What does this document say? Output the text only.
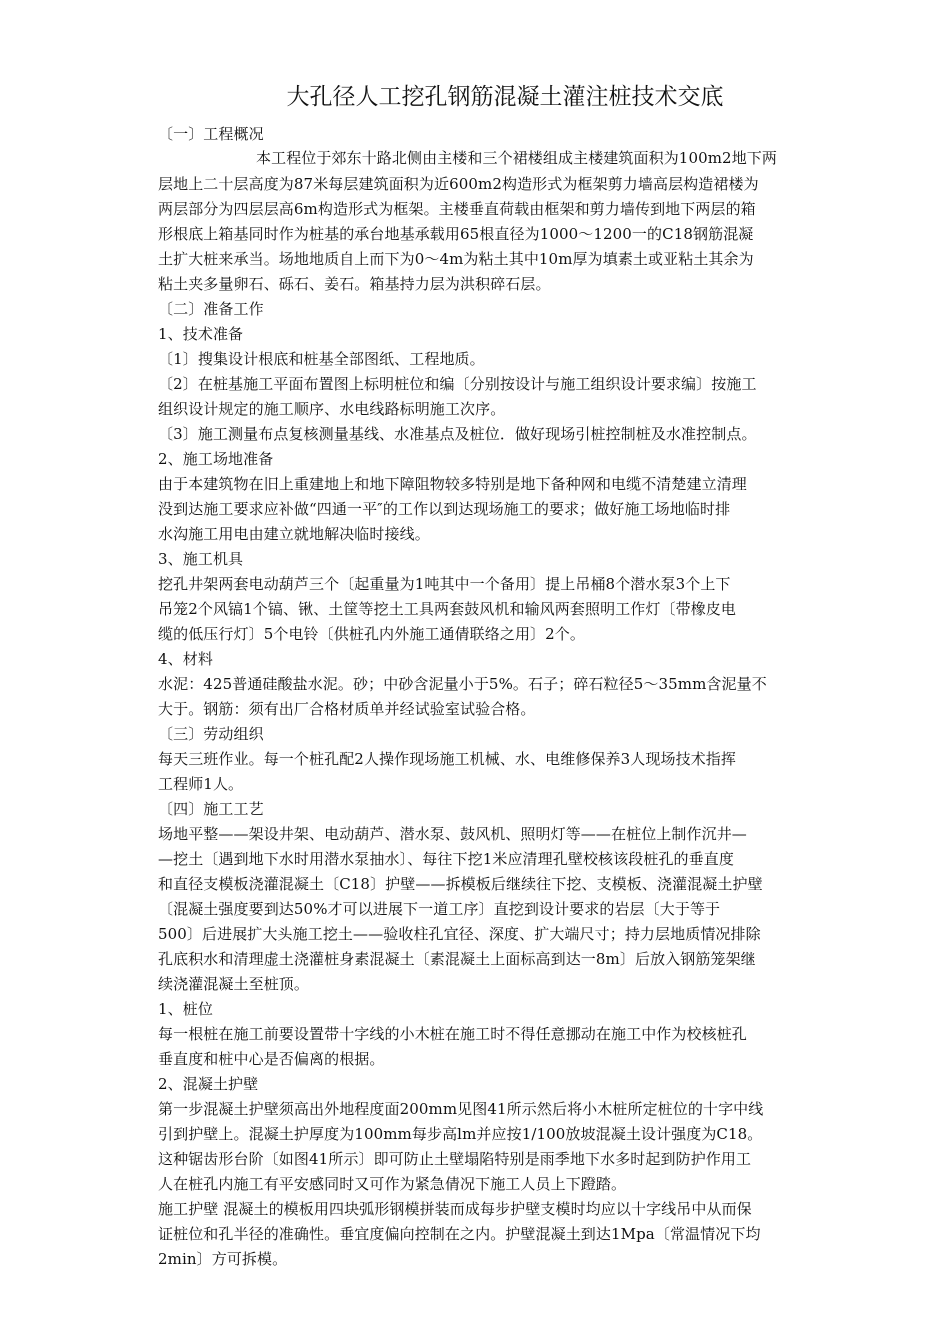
大孔径人工挖孔钢筋混凝土灌注桩技术交底
〔一〕工程概况
本工程位于郊东十路北侧由主楼和三个裙楼组成主楼建筑面积为100m2地下两
层地上二十层高度为87米每层建筑面积为近600m2构造形式为框架剪力墙高层构造裙楼为
两层部分为四层层高6m构造形式为框架。主楼垂直荷载由框架和剪力墙传到地下两层的箱
形根底上箱基同时作为桩基的承台地基承载用65根直径为1000～1200一的C18钢筋混凝
土扩大桩来承当。场地地质自上而下为0～4m为粘土其中10m厚为填素土或亚粘土其余为
粘土夹多量卵石、砾石、姜石。箱基持力层为洪积碎石层。
〔二〕准备工作
1、技术准备
〔1〕搜集设计根底和桩基全部图纸、工程地质。
〔2〕在桩基施工平面布置图上标明桩位和编〔分别按设计与施工组织设计要求编〕按施工
组织设计规定的施工顺序、水电线路标明施工次序。
〔3〕施工测量布点复核测量基线、水准基点及桩位．做好现场引桩控制桩及水准控制点。
2、施工场地准备
由于本建筑物在旧上重建地上和地下障阻物较多特别是地下备种网和电缆不清楚建立清理
没到达施工要求应补做“四通一平″的工作以到达现场施工的要求；做好施工场地临时排
水沟施工用电由建立就地解决临时接线。
3、施工机具
挖孔井架两套电动葫芦三个〔起重量为1吨其中一个备用〕提上吊桶8个潜水泵3个上下
吊笼2个风镐1个镐、锹、土筐等挖土工具两套鼓风机和输风两套照明工作灯〔带橡皮电
缆的低压行灯〕5个电铃〔供桩孔内外施工通倩联络之用〕2个。
4、材料
水泥：425普通硅酸盐水泥。砂；中砂含泥量小于5%。石子；碎石粒径5～35mm含泥量不
大于。钢筋：须有出厂合格材质单并经试验室试验合格。
〔三〕劳动组织
每天三班作业。每一个桩孔配2人操作现场施工机械、水、电维修保养3人现场技术指挥
工程师1人。
〔四〕施工工艺
场地平整——架设井架、电动葫芦、潜水泵、鼓风机、照明灯等——在桩位上制作沉井—
—挖土〔遇到地下水时用潜水泵抽水〕、每往下挖1米应清理孔壁校核该段桩孔的垂直度
和直径支模板浇灌混凝土〔C18〕护壁——拆模板后继续往下挖、支模板、浇灌混凝土护壁
〔混凝土强度要到达50%才可以进展下一道工序〕直挖到设计要求的岩层〔大于等于
500〕后进展扩大头施工挖土——验收柱孔宜径、深度、扩大端尺寸；持力层地质情况排除
孔底积水和清理虚土浇灌桩身素混凝土〔素混凝土上面标高到达一8m〕后放入钢筋笼架继
续浇灌混凝土至桩顶。
1、桩位
每一根桩在施工前要设置带十字线的小木桩在施工时不得任意挪动在施工中作为校核桩孔
垂直度和桩中心是否偏离的根据。
2、混凝土护壁
第一步混凝土护壁须高出外地程度面200mm见图41所示然后将小木桩所定桩位的十字中线
引到护壁上。混凝土护厚度为100mm每步高lm并应按1/100放坡混凝土设计强度为C18。
这种锯齿形台阶〔如图41所示〕即可防止土壁塌陷特别是雨季地下水多时起到防护作用工
人在桩孔内施工有平安感同时又可作为紧急倩况下施工人员上下蹬踏。
施工护壁 混凝土的模板用四块弧形钢模拼装而成每步护壁支模时均应以十字线吊中从而保
证桩位和孔半径的准确性。垂宜度偏向控制在之内。护壁混凝土到达1Mpa〔常温情况下均
2min〕方可拆模。
